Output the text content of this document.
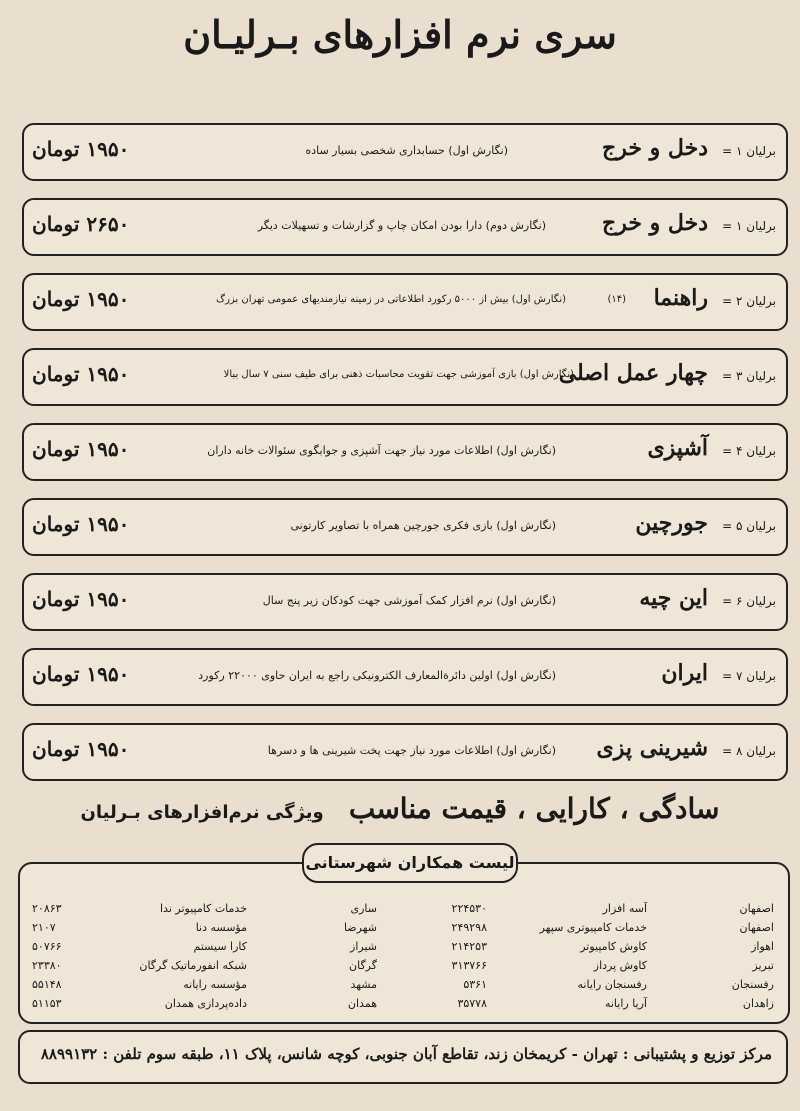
سری نرم افزارهای بـرلیـان
برلیان ۱ =
دخل و خرج
(نگارش اول) حسابداری شخصی بسیار ساده
۱۹۵۰ تومان
برلیان ۱ =
دخل و خرج
(نگارش دوم) دارا بودن امکان چاپ و گزارشات و تسهیلات دیگر
۲۶۵۰ تومان
برلیان ۲ =
راهنما
(۱۴)
(نگارش اول) بیش از ۵۰۰۰ رکورد اطلاعاتی در زمینه نیازمندیهای عمومی تهران بزرگ
۱۹۵۰ تومان
برلیان ۳ =
چهار عمل اصلی
(نگارش اول) بازی آموزشی جهت تقویت محاسبات ذهنی برای طیف سنی ۷ سال ببالا
۱۹۵۰ تومان
برلیان ۴ =
آشپزی
(نگارش اول) اطلاعات مورد نیاز جهت آشپزی و جوابگوی سئوالات خانه داران
۱۹۵۰ تومان
برلیان ۵ =
جورچین
(نگارش اول) بازی فکری جورچین همراه با تصاویر کارتونی
۱۹۵۰ تومان
برلیان ۶ =
این چیه
(نگارش اول) نرم افزار کمک آموزشی جهت کودکان زیر پنج سال
۱۹۵۰ تومان
برلیان ۷ =
ایران
(نگارش اول) اولین دائرةالمعارف الکترونیکی راجع به ایران حاوی ۲۲۰۰۰ رکورد
۱۹۵۰ تومان
برلیان ۸ =
شیرینی پزی
(نگارش اول) اطلاعات مورد نیاز جهت پخت شیرینی ها و دسرها
۱۹۵۰ تومان
سادگی ، کارایی ، قیمت مناسب ویژگی نرم‌افزارهای بـرلیان
لیست همکاران شهرستانی
اصفهان
آسه افزار
۲۲۴۵۳۰
ساری
خدمات کامپیوتر ندا
۲۰۸۶۳
اصفهان
خدمات کامپیوتری سپهر
۲۴۹۲۹۸
شهرضا
مؤسسه دنا
۲۱۰۷
اهواز
کاوش کامپیوتر
۲۱۴۲۵۳
شیراز
کارا سیستم
۵۰۷۶۶
تبریز
کاوش پرداز
۳۱۳۷۶۶
گرگان
شبکه انفورماتیک گرگان
۲۳۳۸۰
رفسنجان
رفسنجان رایانه
۵۳۶۱
مشهد
مؤسسه رایانه
۵۵۱۴۸
زاهدان
آریا رایانه
۳۵۷۷۸
همدان
داده‌پردازی همدان
۵۱۱۵۳
مرکز توزیع و پشتیبانی : تهران - کریمخان زند، تقاطع آبان جنوبی، کوچه شانس، پلاک ۱۱، طبقه سوم تلفن : ۸۸۹۹۱۳۲
